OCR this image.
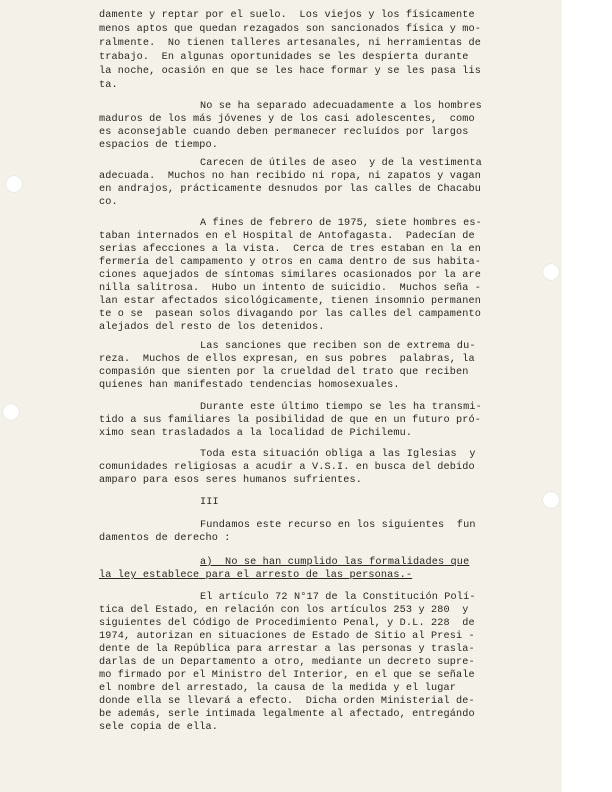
damente y reptar por el suelo.  Los viejos y los físicamente
menos aptos que quedan rezagados son sancionados física y mo-
ralmente.  No tienen talleres artesanales, ni herramientas de
trabajo.  En algunas oportunidades se les despierta durante
la noche, ocasión en que se les hace formar y se les pasa lis
ta.
No se ha separado adecuadamente a los hombres
maduros de los más jóvenes y de los casi adolescentes,  como
es aconsejable cuando deben permanecer recluídos por largos
espacios de tiempo.
Carecen de útiles de aseo  y de la vestimenta
adecuada.  Muchos no han recibido ni ropa, ni zapatos y vagan
en andrajos, prácticamente desnudos por las calles de Chacabu
co.
A fines de febrero de 1975, siete hombres es-
taban internados en el Hospital de Antofagasta.  Padecían de
serias afecciones a la vista.  Cerca de tres estaban en la en
fermería del campamento y otros en cama dentro de sus habita-
ciones aquejados de síntomas similares ocasionados por la are
nilla salitrosa.  Hubo un intento de suicidio.  Muchos seña -
lan estar afectados sicológicamente, tienen insomnio permanen
te o se  pasean solos divagando por las calles del campamento
alejados del resto de los detenidos.
Las sanciones que reciben son de extrema du-
reza.  Muchos de ellos expresan, en sus pobres  palabras, la
compasión que sienten por la crueldad del trato que reciben
quienes han manifestado tendencias homosexuales.
Durante este último tiempo se les ha transmi-
tido a sus familiares la posibilidad de que en un futuro pró-
ximo sean trasladados a la localidad de Pichilemu.
Toda esta situación obliga a las Iglesias  y
comunidades religiosas a acudir a V.S.I. en busca del debido
amparo para esos seres humanos sufrientes.
III
Fundamos este recurso en los siguientes  fun
damentos de derecho :
a)  No se han cumplido las formalidades que
la ley establece para el arresto de las personas.-
El artículo 72 N°17 de la Constitución Polí-
tica del Estado, en relación con los artículos 253 y 280  y
siguientes del Código de Procedimiento Penal, y D.L. 228  de
1974, autorizan en situaciones de Estado de Sitio al Presi -
dente de la República para arrestar a las personas y trasla-
darlas de un Departamento a otro, mediante un decreto supre-
mo firmado por el Ministro del Interior, en el que se señale
el nombre del arrestado, la causa de la medida y el lugar
donde ella se llevará a efecto.  Dicha orden Ministerial de-
be además, serle intimada legalmente al afectado, entregándo
sele copia de ella.
